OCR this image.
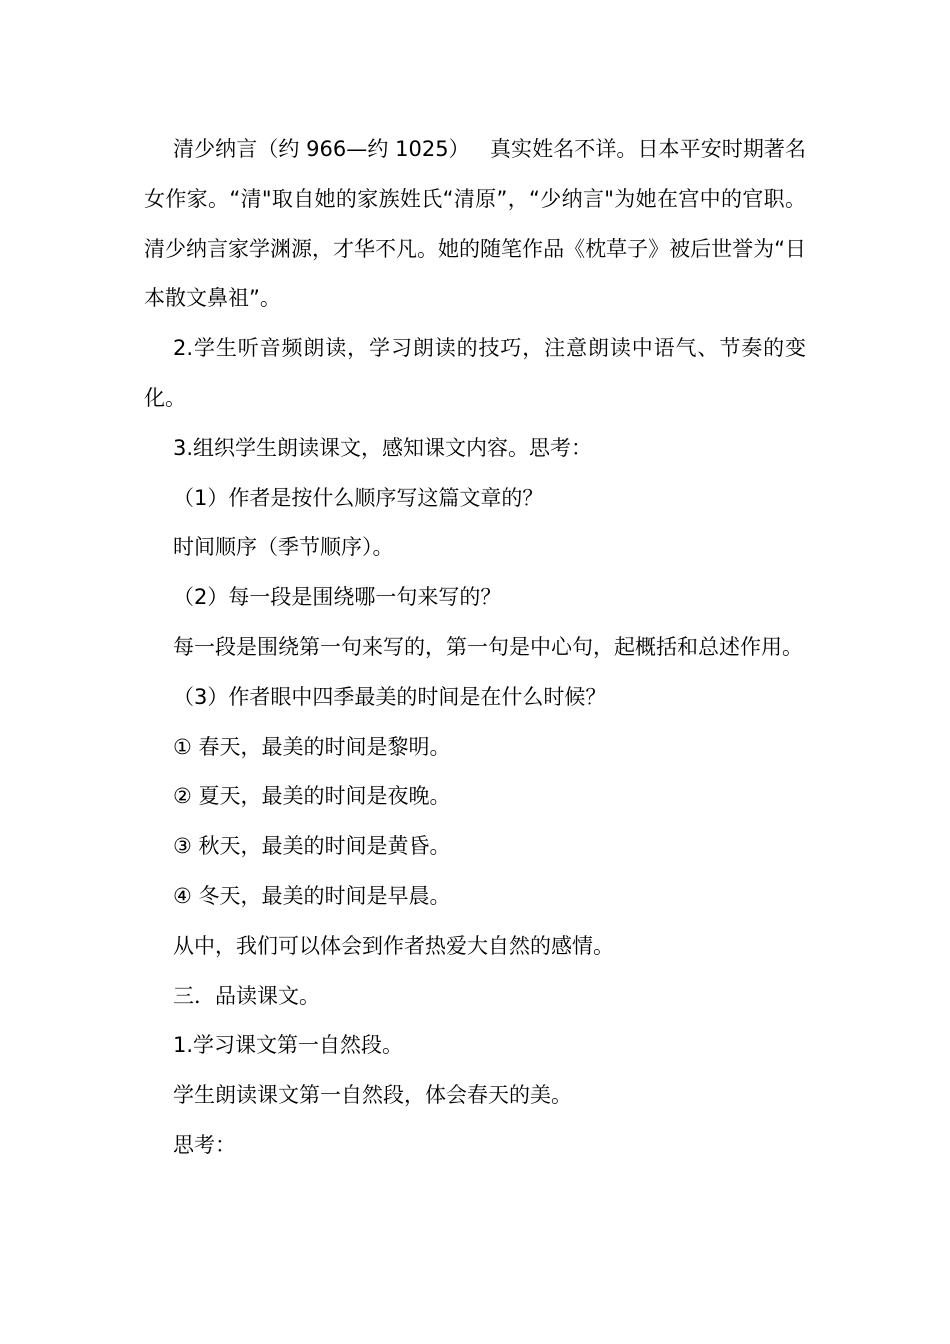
清少纳言（约 966—约 1025）   真实姓名不详。日本平安时期著名女作家。“清"取自她的家族姓氏“清原”，“少纳言"为她在宫中的官职。清少纳言家学渊源，才华不凡。她的随笔作品《枕草子》被后世誉为“日本散文鼻祖”。

2.学生听音频朗读，学习朗读的技巧，注意朗读中语气、节奏的变化。

3.组织学生朗读课文，感知课文内容。思考：

（1）作者是按什么顺序写这篇文章的？

时间顺序（季节顺序）。

（2）每一段是围绕哪一句来写的？

每一段是围绕第一句来写的，第一句是中心句，起概括和总述作用。

（3）作者眼中四季最美的时间是在什么时候？

① 春天，最美的时间是黎明。

② 夏天，最美的时间是夜晚。

③ 秋天，最美的时间是黄昏。

④ 冬天，最美的时间是早晨。

从中，我们可以体会到作者热爱大自然的感情。

三．品读课文。

1.学习课文第一自然段。

学生朗读课文第一自然段，体会春天的美。

思考：
